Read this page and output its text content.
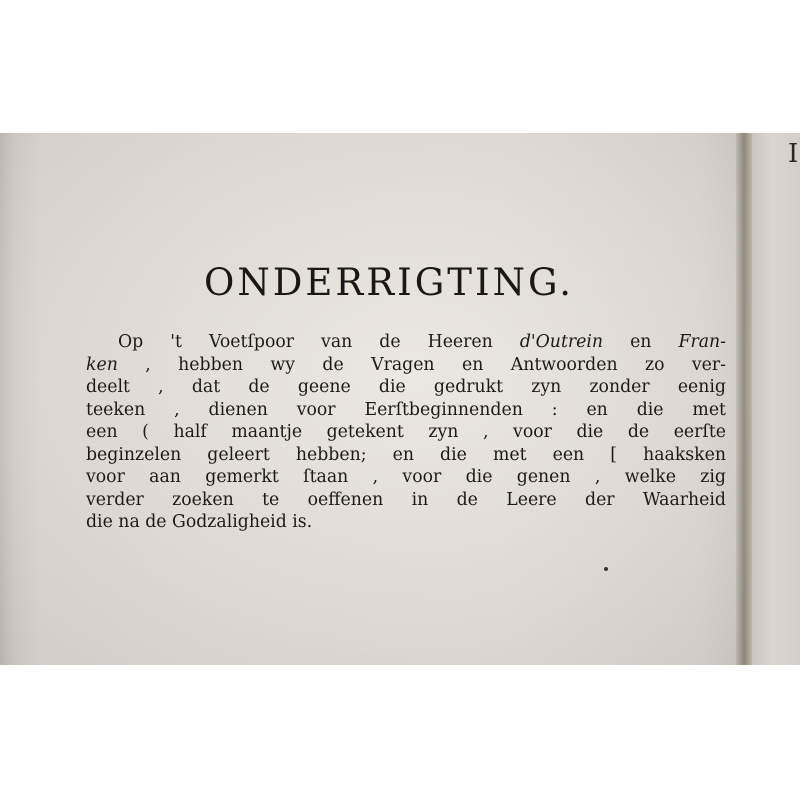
ONDERRIGTING.
Op 't Voetſpoor van de Heeren d'Outrein en Fran-
ken , hebben wy de Vragen en Antwoorden zo ver-
deelt , dat de geene die gedrukt zyn zonder eenig
teeken , dienen voor Eerſtbeginnenden : en die met
een ( half maantje getekent zyn , voor die de eerſte
beginzelen geleert hebben; en die met een [ haaksken
voor aan gemerkt ſtaan , voor die genen , welke zig
verder zoeken te oeffenen in de Leere der Waarheid
die na de Godzaligheid is.
I
